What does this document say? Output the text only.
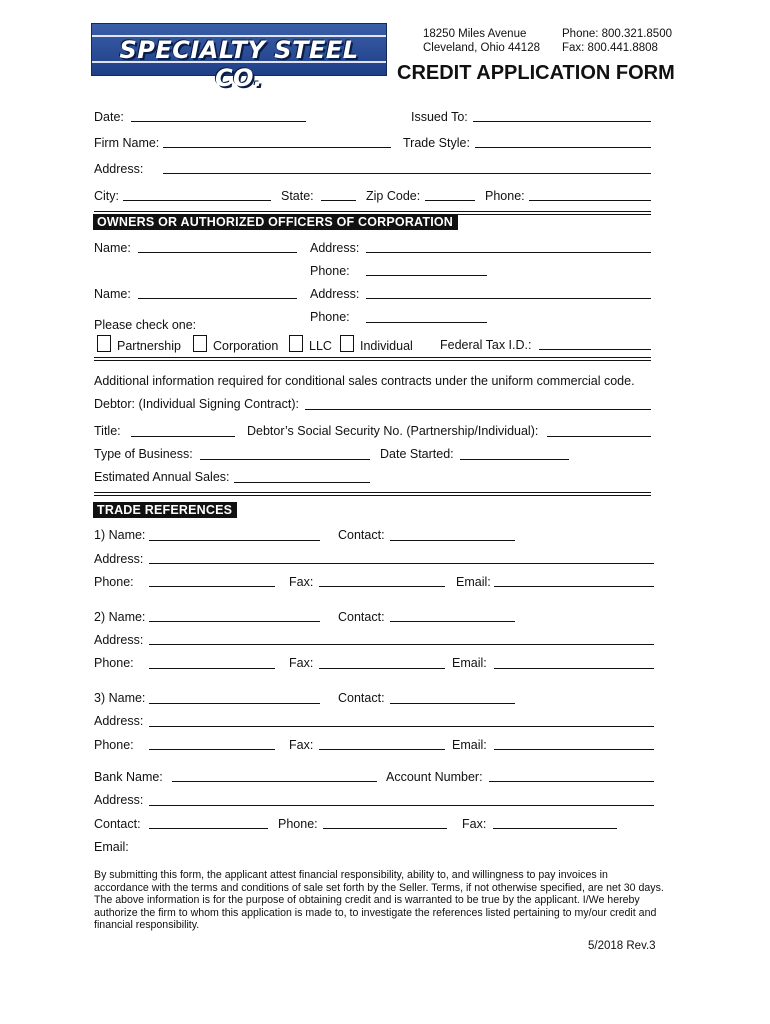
SPECIALTY STEEL CO.
18250 Miles Avenue
Cleveland, Ohio 44128
Phone: 800.321.8500
Fax: 800.441.8808
CREDIT APPLICATION FORM
Date:	Issued To:
Firm Name:	Trade Style:
Address:
City:	State:	Zip Code:	Phone:
OWNERS OR AUTHORIZED OFFICERS OF CORPORATION
Name:	Address:
Phone:
Name:	Address:
Phone:
Please check one:
Partnership	Corporation LLC Individual Federal Tax I.D.:
Additional information required for conditional sales contracts under the uniform commercial code.
Debtor: (Individual Signing Contract):
Title:	Debtor’s Social Security No. (Partnership/Individual):
Type of Business:	Date Started:
Estimated Annual Sales:
TRADE REFERENCES
1) Name:	Contact:
Address:
Phone:	Fax:	Email:
2) Name:	Contact:
Address:
Phone:	Fax:	Email:
3) Name:	Contact:
Address:
Phone:	Fax:	Email:
Bank Name:	Account Number:
Address:
Contact:	Phone:	Fax:
Email:
By submitting this form, the applicant attest financial responsibility, ability to, and willingness to pay invoices in accordance with the terms and conditions of sale set forth by the Seller. Terms, if not otherwise specified, are net 30 days. The above information is for the purpose of obtaining credit and is warranted to be true by the applicant. I/We hereby authorize the firm to whom this application is made to, to investigate the references listed pertaining to my/our credit and financial responsibility.
5/2018 Rev.3
